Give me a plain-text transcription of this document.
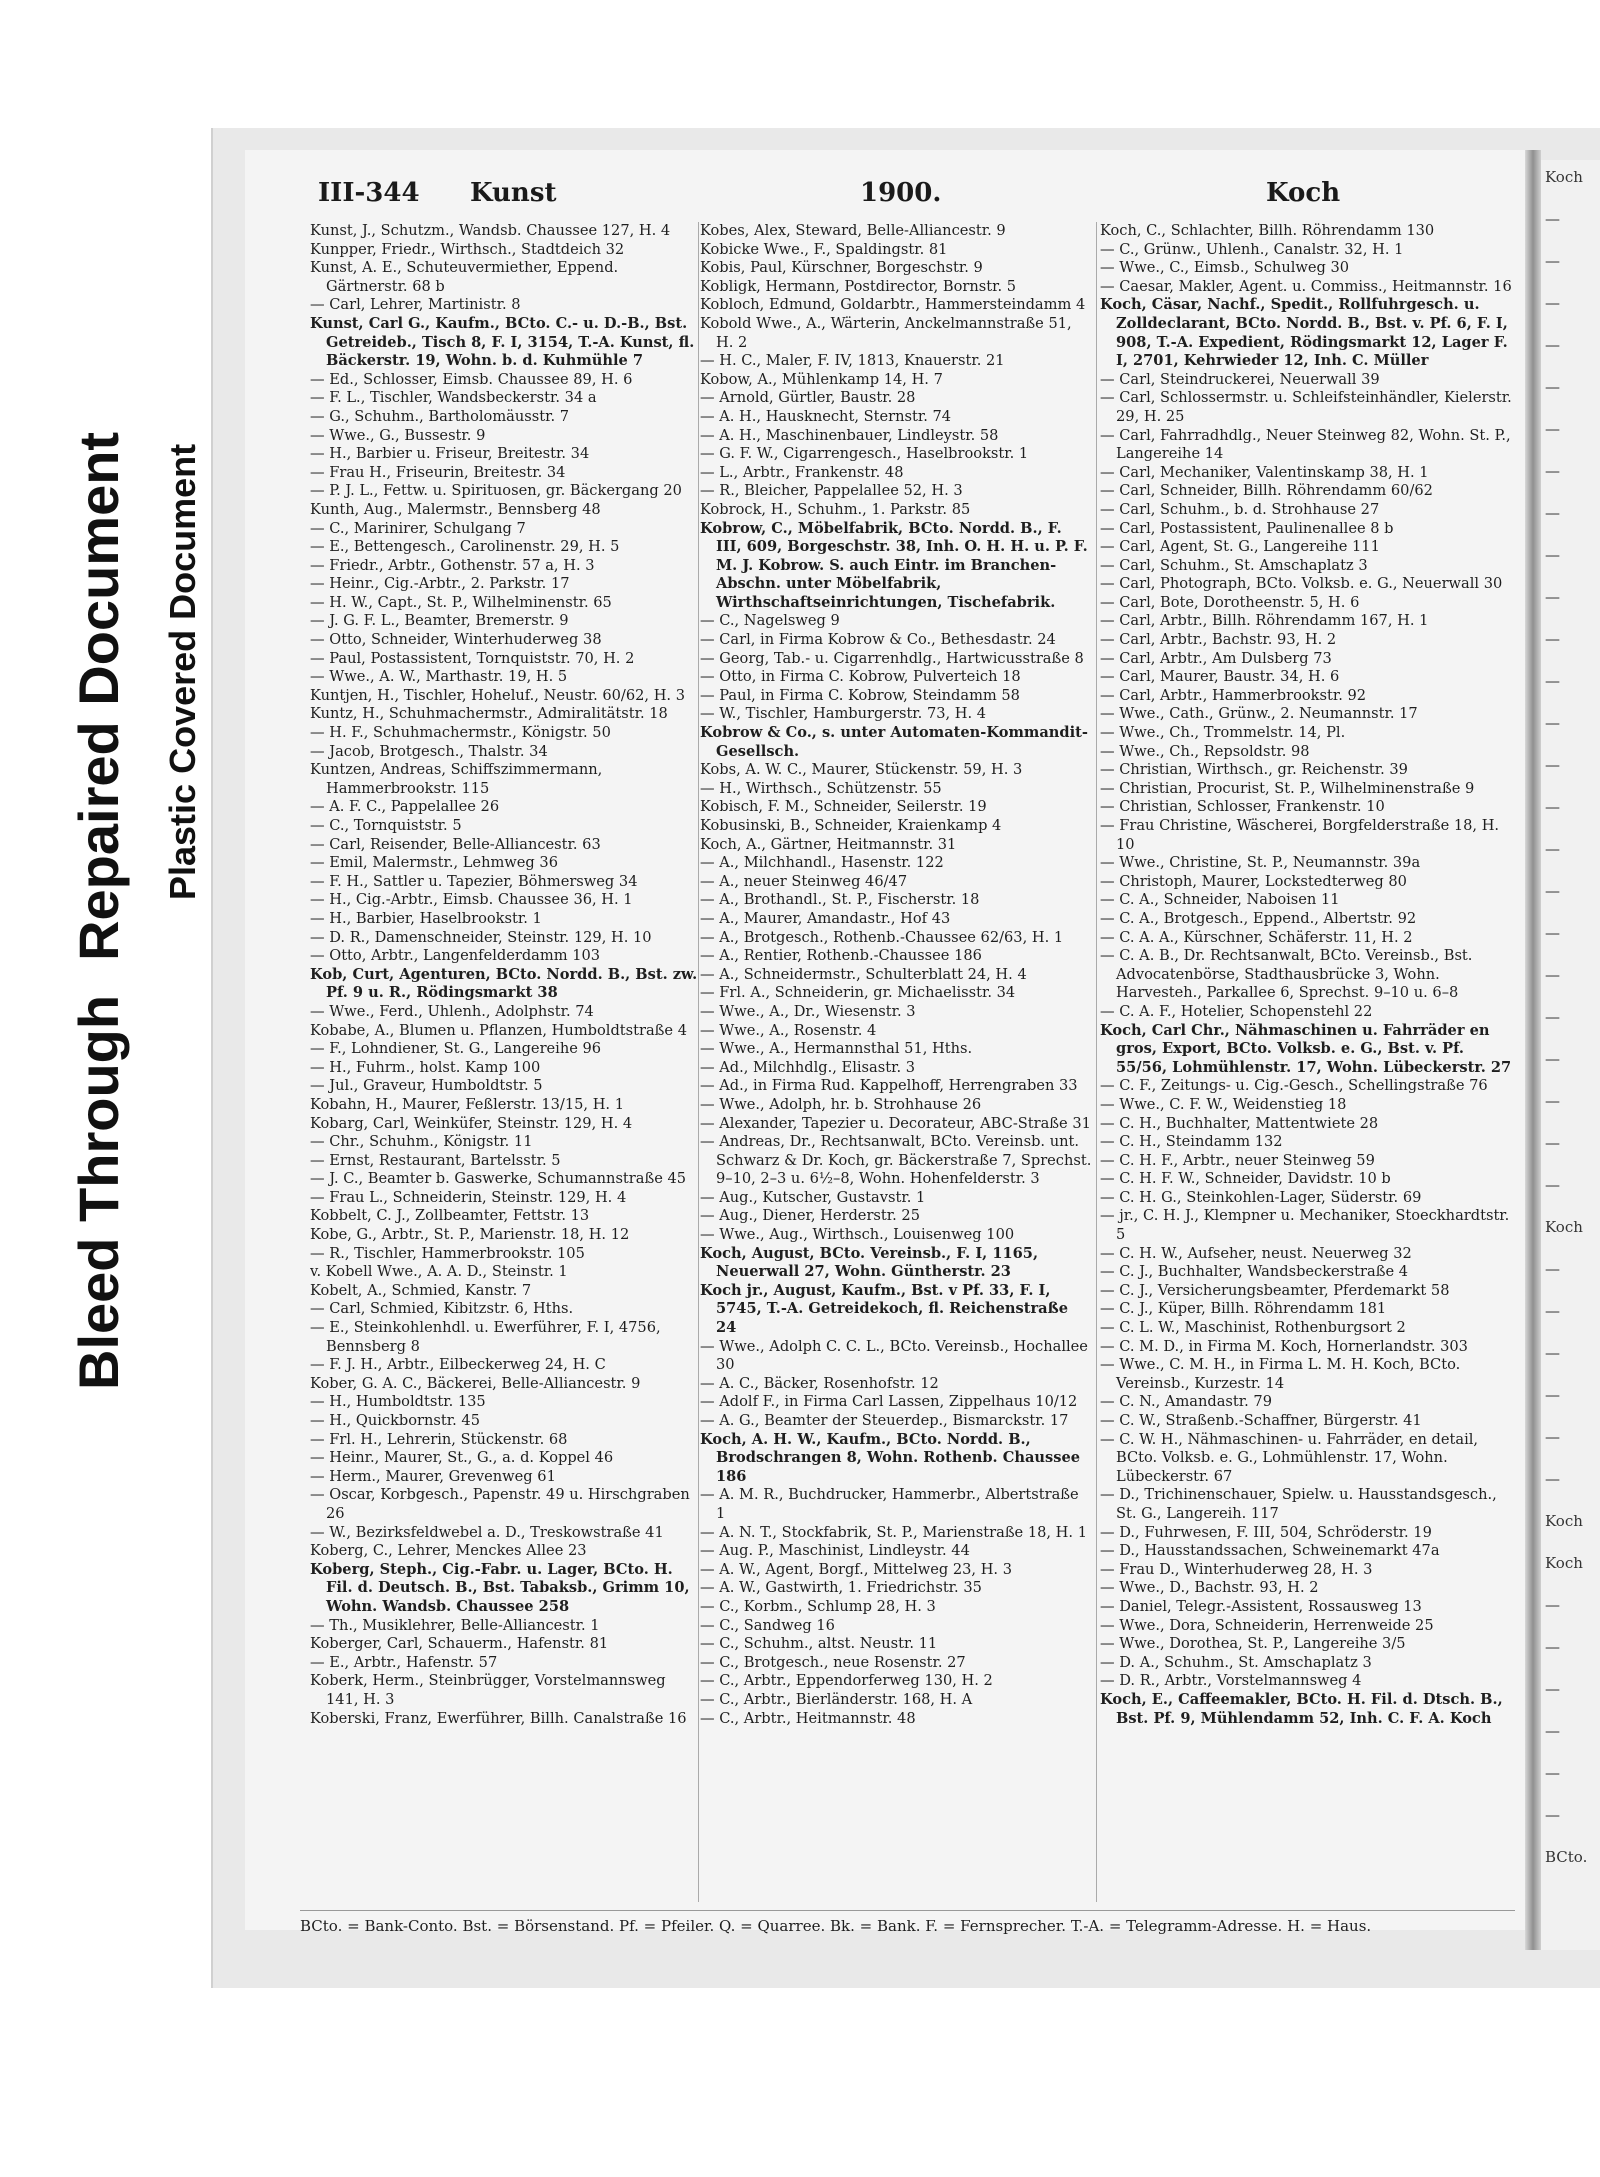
Bleed ThroughRepaired Document Plastic Covered Document
Koch
—
—
—
—
—
—
—
—
—
—
—
—
—
—
—
—
—
—
—
—
—
—
—
—
Koch
—
—
—
—
—
—
Koch
Koch
—
—
—
—
—
—
BCto.
III-344 Kunst	1900.	Koch
Kunst, J., Schutzm., Wandsb. Chaussee 127, H. 4
Kunpper, Friedr., Wirthsch., Stadtdeich 32
Kunst, A. E., Schuteuvermiether, Eppend. Gärtnerstr. 68 b
— Carl, Lehrer, Martinistr. 8
Kunst, Carl G., Kaufm., BCto. C.- u. D.-B., Bst. Getreideb., Tisch 8, F. I, 3154, T.-A. Kunst, fl. Bäckerstr. 19, Wohn. b. d. Kuhmühle 7
— Ed., Schlosser, Eimsb. Chaussee 89, H. 6
— F. L., Tischler, Wandsbeckerstr. 34 a
— G., Schuhm., Bartholomäusstr. 7
— Wwe., G., Bussestr. 9
— H., Barbier u. Friseur, Breitestr. 34
— Frau H., Friseurin, Breitestr. 34
— P. J. L., Fettw. u. Spirituosen, gr. Bäckergang 20
Kunth, Aug., Malermstr., Bennsberg 48
— C., Marinirer, Schulgang 7
— E., Bettengesch., Carolinenstr. 29, H. 5
— Friedr., Arbtr., Gothenstr. 57 a, H. 3
— Heinr., Cig.-Arbtr., 2. Parkstr. 17
— H. W., Capt., St. P., Wilhelminenstr. 65
— J. G. F. L., Beamter, Bremerstr. 9
— Otto, Schneider, Winterhuderweg 38
— Paul, Postassistent, Tornquiststr. 70, H. 2
— Wwe., A. W., Marthastr. 19, H. 5
Kuntjen, H., Tischler, Hoheluf., Neustr. 60/62, H. 3
Kuntz, H., Schuhmachermstr., Admiralitätstr. 18
— H. F., Schuhmachermstr., Königstr. 50
— Jacob, Brotgesch., Thalstr. 34
Kuntzen, Andreas, Schiffszimmermann, Hammerbrookstr. 115
— A. F. C., Pappelallee 26
— C., Tornquiststr. 5
— Carl, Reisender, Belle-Alliancestr. 63
— Emil, Malermstr., Lehmweg 36
— F. H., Sattler u. Tapezier, Böhmersweg 34
— H., Cig.-Arbtr., Eimsb. Chaussee 36, H. 1
— H., Barbier, Haselbrookstr. 1
— D. R., Damenschneider, Steinstr. 129, H. 10
— Otto, Arbtr., Langenfelderdamm 103
Kob, Curt, Agenturen, BCto. Nordd. B., Bst. zw. Pf. 9 u. R., Rödingsmarkt 38
— Wwe., Ferd., Uhlenh., Adolphstr. 74
Kobabe, A., Blumen u. Pflanzen, Humboldtstraße 4
— F., Lohndiener, St. G., Langereihe 96
— H., Fuhrm., holst. Kamp 100
— Jul., Graveur, Humboldtstr. 5
Kobahn, H., Maurer, Feßlerstr. 13/15, H. 1
Kobarg, Carl, Weinküfer, Steinstr. 129, H. 4
— Chr., Schuhm., Königstr. 11
— Ernst, Restaurant, Bartelsstr. 5
— J. C., Beamter b. Gaswerke, Schumannstraße 45
— Frau L., Schneiderin, Steinstr. 129, H. 4
Kobbelt, C. J., Zollbeamter, Fettstr. 13
Kobe, G., Arbtr., St. P., Marienstr. 18, H. 12
— R., Tischler, Hammerbrookstr. 105
v. Kobell Wwe., A. A. D., Steinstr. 1
Kobelt, A., Schmied, Kanstr. 7
— Carl, Schmied, Kibitzstr. 6, Hths.
— E., Steinkohlenhdl. u. Ewerführer, F. I, 4756, Bennsberg 8
— F. J. H., Arbtr., Eilbeckerweg 24, H. C
Kober, G. A. C., Bäckerei, Belle-Alliancestr. 9
— H., Humboldtstr. 135
— H., Quickbornstr. 45
— Frl. H., Lehrerin, Stückenstr. 68
— Heinr., Maurer, St., G., a. d. Koppel 46
— Herm., Maurer, Grevenweg 61
— Oscar, Korbgesch., Papenstr. 49 u. Hirschgraben 26
— W., Bezirksfeldwebel a. D., Treskowstraße 41
Koberg, C., Lehrer, Menckes Allee 23
Koberg, Steph., Cig.-Fabr. u. Lager, BCto. H. Fil. d. Deutsch. B., Bst. Tabaksb., Grimm 10, Wohn. Wandsb. Chaussee 258
— Th., Musiklehrer, Belle-Alliancestr. 1
Koberger, Carl, Schauerm., Hafenstr. 81
— E., Arbtr., Hafenstr. 57
Koberk, Herm., Steinbrügger, Vorstelmannsweg 141, H. 3
Koberski, Franz, Ewerführer, Billh. Canalstraße 16
Kobes, Alex, Steward, Belle-Alliancestr. 9
Kobicke Wwe., F., Spaldingstr. 81
Kobis, Paul, Kürschner, Borgeschstr. 9
Kobligk, Hermann, Postdirector, Bornstr. 5
Kobloch, Edmund, Goldarbtr., Hammersteindamm 4
Kobold Wwe., A., Wärterin, Anckelmannstraße 51, H. 2
— H. C., Maler, F. IV, 1813, Knauerstr. 21
Kobow, A., Mühlenkamp 14, H. 7
— Arnold, Gürtler, Baustr. 28
— A. H., Hausknecht, Sternstr. 74
— A. H., Maschinenbauer, Lindleystr. 58
— G. F. W., Cigarrengesch., Haselbrookstr. 1
— L., Arbtr., Frankenstr. 48
— R., Bleicher, Pappelallee 52, H. 3
Kobrock, H., Schuhm., 1. Parkstr. 85
Kobrow, C., Möbelfabrik, BCto. Nordd. B., F. III, 609, Borgeschstr. 38, Inh. O. H. H. u. P. F. M. J. Kobrow. S. auch Eintr. im Branchen-Abschn. unter Möbelfabrik, Wirthschaftseinrichtungen, Tischefabrik.
— C., Nagelsweg 9
— Carl, in Firma Kobrow & Co., Bethesdastr. 24
— Georg, Tab.- u. Cigarrenhdlg., Hartwicusstraße 8
— Otto, in Firma C. Kobrow, Pulverteich 18
— Paul, in Firma C. Kobrow, Steindamm 58
— W., Tischler, Hamburgerstr. 73, H. 4
Kobrow & Co., s. unter Automaten-Kommandit-Gesellsch.
Kobs, A. W. C., Maurer, Stückenstr. 59, H. 3
— H., Wirthsch., Schützenstr. 55
Kobisch, F. M., Schneider, Seilerstr. 19
Kobusinski, B., Schneider, Kraienkamp 4
Koch, A., Gärtner, Heitmannstr. 31
— A., Milchhandl., Hasenstr. 122
— A., neuer Steinweg 46/47
— A., Brothandl., St. P., Fischerstr. 18
— A., Maurer, Amandastr., Hof 43
— A., Brotgesch., Rothenb.-Chaussee 62/63, H. 1
— A., Rentier, Rothenb.-Chaussee 186
— A., Schneidermstr., Schulterblatt 24, H. 4
— Frl. A., Schneiderin, gr. Michaelisstr. 34
— Wwe., A., Dr., Wiesenstr. 3
— Wwe., A., Rosenstr. 4
— Wwe., A., Hermannsthal 51, Hths.
— Ad., Milchhdlg., Elisastr. 3
— Ad., in Firma Rud. Kappelhoff, Herrengraben 33
— Wwe., Adolph, hr. b. Strohhause 26
— Alexander, Tapezier u. Decorateur, ABC-Straße 31
— Andreas, Dr., Rechtsanwalt, BCto. Vereinsb. unt. Schwarz & Dr. Koch, gr. Bäckerstraße 7, Sprechst. 9–10, 2–3 u. 6½–8, Wohn. Hohenfelderstr. 3
— Aug., Kutscher, Gustavstr. 1
— Aug., Diener, Herderstr. 25
— Wwe., Aug., Wirthsch., Louisenweg 100
Koch, August, BCto. Vereinsb., F. I, 1165, Neuerwall 27, Wohn. Güntherstr. 23
Koch jr., August, Kaufm., Bst. v Pf. 33, F. I, 5745, T.-A. Getreidekoch, fl. Reichenstraße 24
— Wwe., Adolph C. C. L., BCto. Vereinsb., Hochallee 30
— A. C., Bäcker, Rosenhofstr. 12
— Adolf F., in Firma Carl Lassen, Zippelhaus 10/12
— A. G., Beamter der Steuerdep., Bismarckstr. 17
Koch, A. H. W., Kaufm., BCto. Nordd. B., Brodschrangen 8, Wohn. Rothenb. Chaussee 186
— A. M. R., Buchdrucker, Hammerbr., Albertstraße 1
— A. N. T., Stockfabrik, St. P., Marienstraße 18, H. 1
— Aug. P., Maschinist, Lindleystr. 44
— A. W., Agent, Borgf., Mittelweg 23, H. 3
— A. W., Gastwirth, 1. Friedrichstr. 35
— C., Korbm., Schlump 28, H. 3
— C., Sandweg 16
— C., Schuhm., altst. Neustr. 11
— C., Brotgesch., neue Rosenstr. 27
— C., Arbtr., Eppendorferweg 130, H. 2
— C., Arbtr., Bierländerstr. 168, H. A
— C., Arbtr., Heitmannstr. 48
Koch, C., Schlachter, Billh. Röhrendamm 130
— C., Grünw., Uhlenh., Canalstr. 32, H. 1
— Wwe., C., Eimsb., Schulweg 30
— Caesar, Makler, Agent. u. Commiss., Heitmannstr. 16
Koch, Cäsar, Nachf., Spedit., Rollfuhrgesch. u. Zolldeclarant, BCto. Nordd. B., Bst. v. Pf. 6, F. I, 908, T.-A. Expedient, Rödingsmarkt 12, Lager F. I, 2701, Kehrwieder 12, Inh. C. Müller
— Carl, Steindruckerei, Neuerwall 39
— Carl, Schlossermstr. u. Schleifsteinhändler, Kielerstr. 29, H. 25
— Carl, Fahrradhdlg., Neuer Steinweg 82, Wohn. St. P., Langereihe 14
— Carl, Mechaniker, Valentinskamp 38, H. 1
— Carl, Schneider, Billh. Röhrendamm 60/62
— Carl, Schuhm., b. d. Strohhause 27
— Carl, Postassistent, Paulinenallee 8 b
— Carl, Agent, St. G., Langereihe 111
— Carl, Schuhm., St. Amschaplatz 3
— Carl, Photograph, BCto. Volksb. e. G., Neuerwall 30
— Carl, Bote, Dorotheenstr. 5, H. 6
— Carl, Arbtr., Billh. Röhrendamm 167, H. 1
— Carl, Arbtr., Bachstr. 93, H. 2
— Carl, Arbtr., Am Dulsberg 73
— Carl, Maurer, Baustr. 34, H. 6
— Carl, Arbtr., Hammerbrookstr. 92
— Wwe., Cath., Grünw., 2. Neumannstr. 17
— Wwe., Ch., Trommelstr. 14, Pl.
— Wwe., Ch., Repsoldstr. 98
— Christian, Wirthsch., gr. Reichenstr. 39
— Christian, Procurist, St. P., Wilhelminenstraße 9
— Christian, Schlosser, Frankenstr. 10
— Frau Christine, Wäscherei, Borgfelderstraße 18, H. 10
— Wwe., Christine, St. P., Neumannstr. 39a
— Christoph, Maurer, Lockstedterweg 80
— C. A., Schneider, Naboisen 11
— C. A., Brotgesch., Eppend., Albertstr. 92
— C. A. A., Kürschner, Schäferstr. 11, H. 2
— C. A. B., Dr. Rechtsanwalt, BCto. Vereinsb., Bst. Advocatenbörse, Stadthausbrücke 3, Wohn. Harvesteh., Parkallee 6, Sprechst. 9–10 u. 6–8
— C. A. F., Hotelier, Schopenstehl 22
Koch, Carl Chr., Nähmaschinen u. Fahrräder en gros, Export, BCto. Volksb. e. G., Bst. v. Pf. 55/56, Lohmühlenstr. 17, Wohn. Lübeckerstr. 27
— C. F., Zeitungs- u. Cig.-Gesch., Schellingstraße 76
— Wwe., C. F. W., Weidenstieg 18
— C. H., Buchhalter, Mattentwiete 28
— C. H., Steindamm 132
— C. H. F., Arbtr., neuer Steinweg 59
— C. H. F. W., Schneider, Davidstr. 10 b
— C. H. G., Steinkohlen-Lager, Süderstr. 69
— jr., C. H. J., Klempner u. Mechaniker, Stoeckhardtstr. 5
— C. H. W., Aufseher, neust. Neuerweg 32
— C. J., Buchhalter, Wandsbeckerstraße 4
— C. J., Versicherungsbeamter, Pferdemarkt 58
— C. J., Küper, Billh. Röhrendamm 181
— C. L. W., Maschinist, Rothenburgsort 2
— C. M. D., in Firma M. Koch, Hornerlandstr. 303
— Wwe., C. M. H., in Firma L. M. H. Koch, BCto. Vereinsb., Kurzestr. 14
— C. N., Amandastr. 79
— C. W., Straßenb.-Schaffner, Bürgerstr. 41
— C. W. H., Nähmaschinen- u. Fahrräder, en detail, BCto. Volksb. e. G., Lohmühlenstr. 17, Wohn. Lübeckerstr. 67
— D., Trichinenschauer, Spielw. u. Hausstandsgesch., St. G., Langereih. 117
— D., Fuhrwesen, F. III, 504, Schröderstr. 19
— D., Hausstandssachen, Schweinemarkt 47a
— Frau D., Winterhuderweg 28, H. 3
— Wwe., D., Bachstr. 93, H. 2
— Daniel, Telegr.-Assistent, Rossausweg 13
— Wwe., Dora, Schneiderin, Herrenweide 25
— Wwe., Dorothea, St. P., Langereihe 3/5
— D. A., Schuhm., St. Amschaplatz 3
— D. R., Arbtr., Vorstelmannsweg 4
Koch, E., Caffeemakler, BCto. H. Fil. d. Dtsch. B., Bst. Pf. 9, Mühlendamm 52, Inh. C. F. A. Koch
BCto. = Bank-Conto. Bst. = Börsenstand. Pf. = Pfeiler. Q. = Quarree. Bk. = Bank. F. = Fernsprecher. T.-A. = Telegramm-Adresse. H. = Haus.
